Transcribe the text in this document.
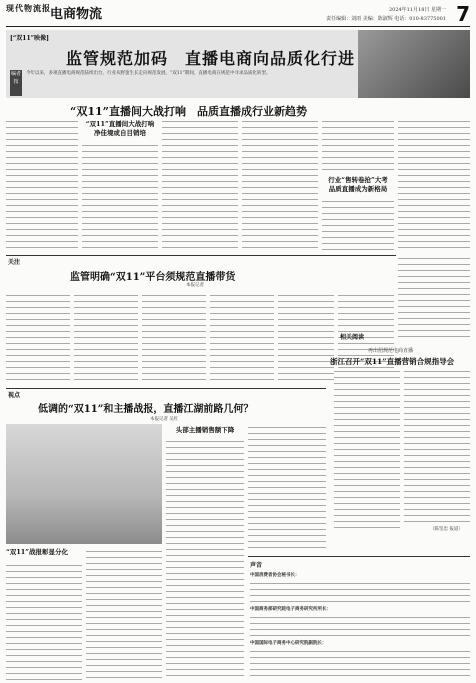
现代物流报 电商物流	2024年11月18日 星期一
责任编辑：刘雨 美编：陈淑辉 电话：010-83775001 7
[“双11”映像]
监管规范加码　直播电商向品质化行进
编者按
今年以来，多项直播电商规范陆续出台，行业从野蛮生长走向规范发展。“双11”期间，直播电商在规范中寻求品质化转型。
“双11”直播间大战打响　品质直播成行业新趋势
“双11”直播间大战打响
净佳境或自目销培
行业“售转卷抢”大考
品质直播成为新格局
关注
监管明确“双11”平台须规范直播带货
本报记者
相关阅读
再出招规范电商直播
浙江召开“双11”直播营销合规指导会
（陈坚忠 报道）
视点
低调的“双11”和主播战报，直播江湖前路几何？
本报记者 吴红
头部主播销售额下降
“双11”战报彰显分化
声音
中国消费者协会秘书长：
中国商务部研究院电子商务研究所所长：
中国国际电子商务中心研究院副院长：
